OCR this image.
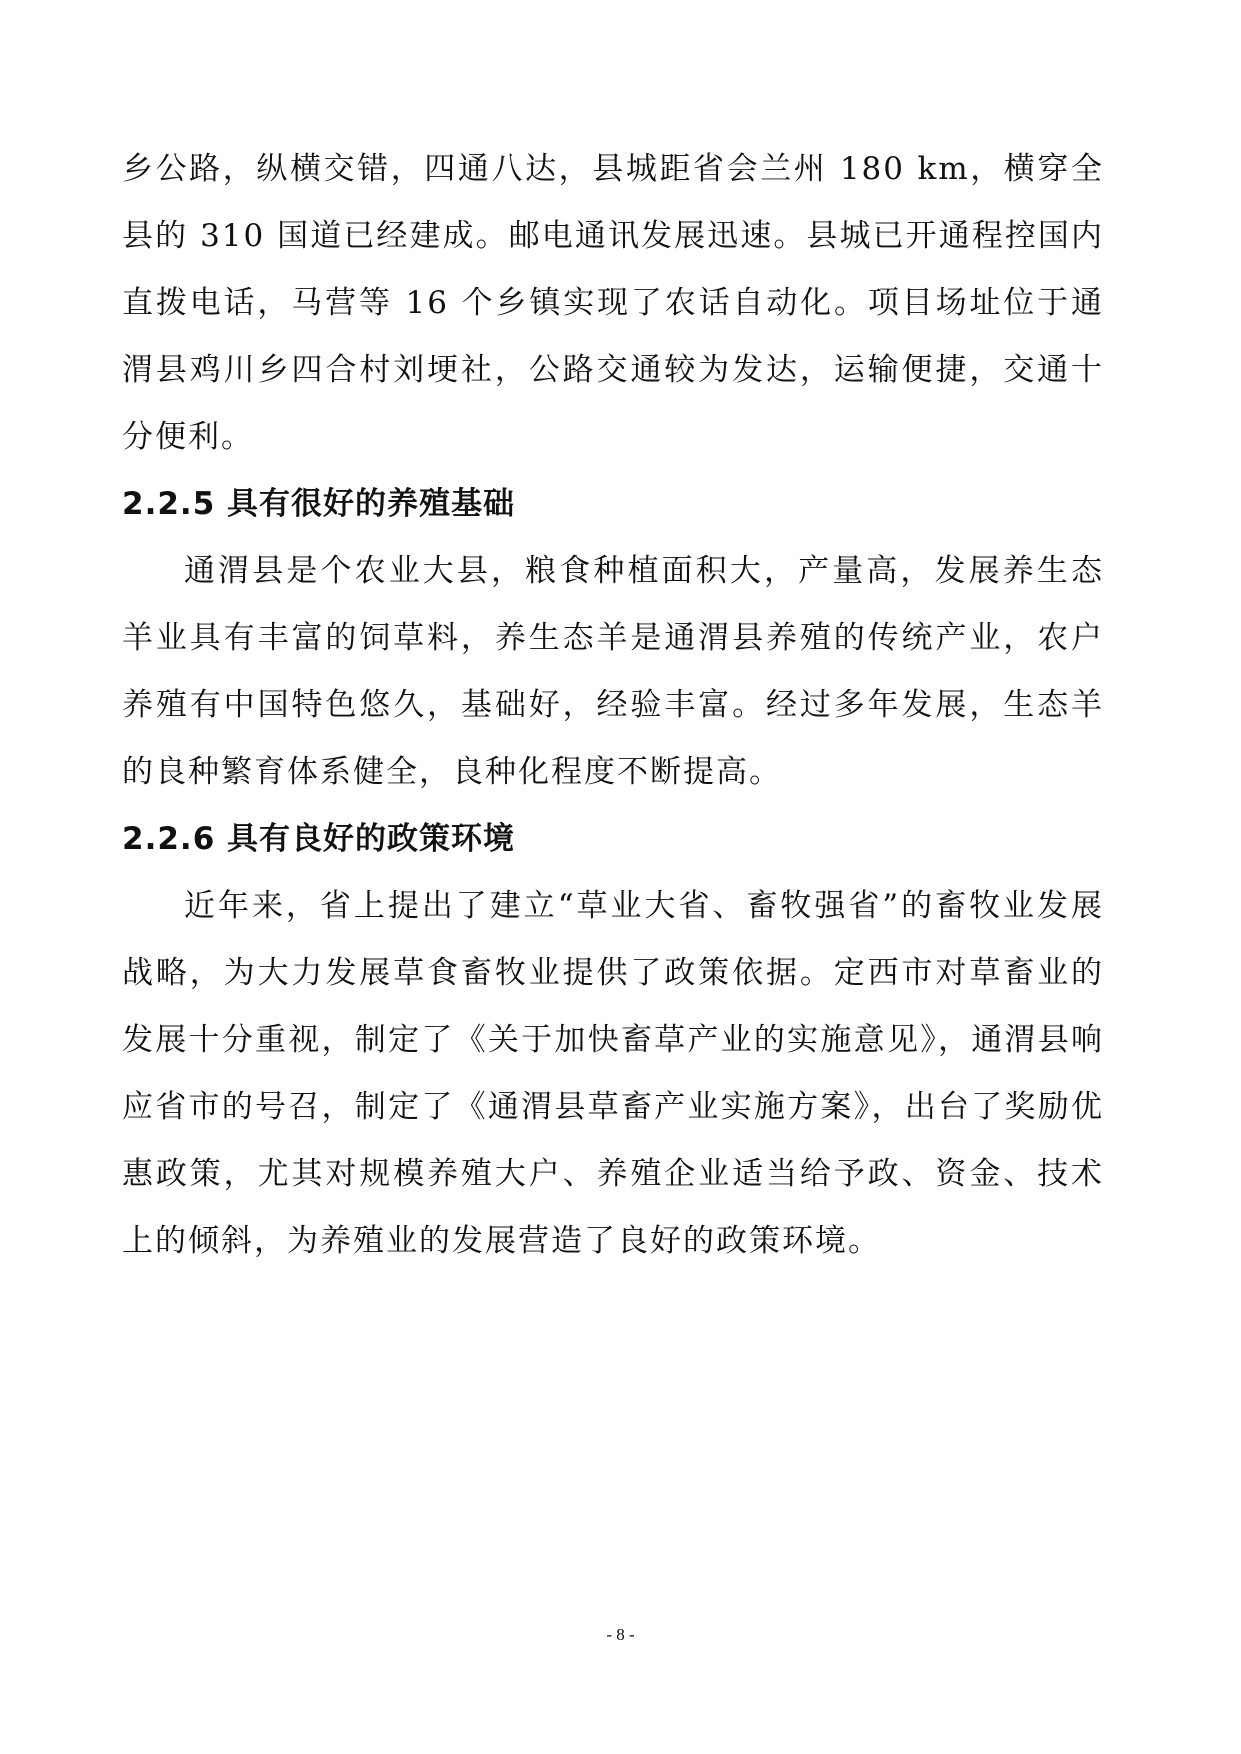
乡公路，纵横交错，四通八达，县城距省会兰州 180 km，横穿全县的 310 国道已经建成。邮电通讯发展迅速。县城已开通程控国内直拨电话，马营等 16 个乡镇实现了农话自动化。项目场址位于通渭县鸡川乡四合村刘埂社，公路交通较为发达，运输便捷，交通十分便利。

2.2.5 具有很好的养殖基础

通渭县是个农业大县，粮食种植面积大，产量高，发展养生态羊业具有丰富的饲草料，养生态羊是通渭县养殖的传统产业，农户养殖有中国特色悠久，基础好，经验丰富。经过多年发展，生态羊的良种繁育体系健全，良种化程度不断提高。

2.2.6 具有良好的政策环境

近年来，省上提出了建立“草业大省、畜牧强省”的畜牧业发展战略，为大力发展草食畜牧业提供了政策依据。定西市对草畜业的发展十分重视，制定了《关于加快畜草产业的实施意见》，通渭县响应省市的号召，制定了《通渭县草畜产业实施方案》，出台了奖励优惠政策，尤其对规模养殖大户、养殖企业适当给予政、资金、技术上的倾斜，为养殖业的发展营造了良好的政策环境。

- 8 -
